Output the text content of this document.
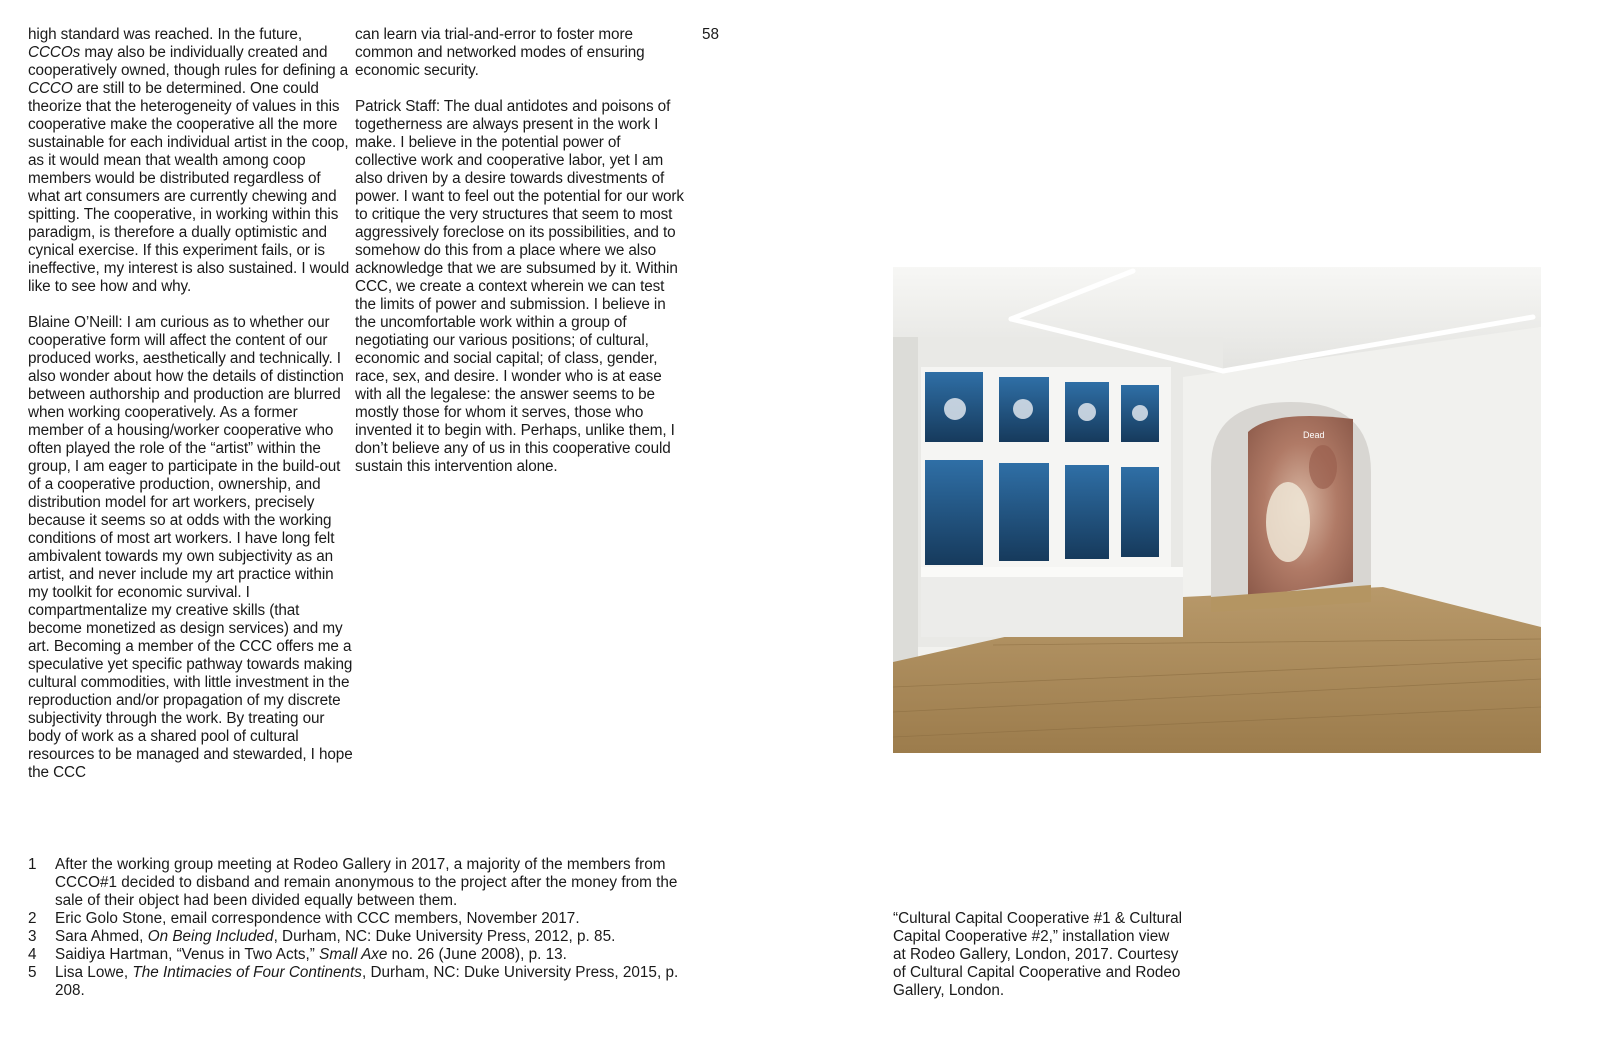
high standard was reached. In the future, CCCOs may also be individually created and cooperatively owned, though rules for defining a CCCO are still to be determined. One could theorize that the heterogeneity of values in this cooperative make the cooperative all the more sustainable for each individual artist in the coop, as it would mean that wealth among coop members would be distributed regardless of what art consumers are currently chewing and spitting. The cooperative, in working within this paradigm, is therefore a dually optimistic and cynical exercise. If this experiment fails, or is ineffective, my interest is also sustained. I would like to see how and why.

Blaine O’Neill: I am curious as to whether our cooperative form will affect the content of our produced works, aesthetically and technically. I also wonder about how the details of distinction between authorship and production are blurred when working cooperatively. As a former member of a housing/worker cooperative who often played the role of the “artist” within the group, I am eager to participate in the build-out of a cooperative production, ownership, and distribution model for art workers, precisely because it seems so at odds with the working conditions of most art workers. I have long felt ambivalent towards my own subjectivity as an artist, and never include my art practice within my toolkit for economic survival. I compartmentalize my creative skills (that become monetized as design services) and my art. Becoming a member of the CCC offers me a speculative yet specific pathway towards making cultural commodities, with little investment in the reproduction and/or propagation of my discrete subjectivity through the work. By treating our body of work as a shared pool of cultural resources to be managed and stewarded, I hope the CCC

can learn via trial-and-error to foster more common and networked modes of ensuring economic security.

Patrick Staff: The dual antidotes and poisons of togetherness are always present in the work I make. I believe in the potential power of collective work and cooperative labor, yet I am also driven by a desire towards divestments of power. I want to feel out the potential for our work to critique the very structures that seem to most aggressively foreclose on its possibilities, and to somehow do this from a place where we also acknowledge that we are subsumed by it. Within CCC, we create a context wherein we can test the limits of power and submission. I believe in the uncomfortable work within a group of negotiating our various positions; of cultural, economic and social capital; of class, gender, race, sex, and desire. I wonder who is at ease with all the legalese: the answer seems to be mostly those for whom it serves, those who invented it to begin with. Perhaps, unlike them, I don’t believe any of us in this cooperative could sustain this intervention alone.

58
1	After the working group meeting at Rodeo Gallery in 2017, a majority of the members from CCCO#1 decided to disband and remain anonymous to the project after the money from the sale of their object had been divided equally between them.
2	Eric Golo Stone, email correspondence with CCC members, November 2017.
3	Sara Ahmed, On Being Included, Durham, NC: Duke University Press, 2012, p. 85.
4	Saidiya Hartman, “Venus in Two Acts,” Small Axe no. 26 (June 2008), p. 13.
5	Lisa Lowe, The Intimacies of Four Continents, Durham, NC: Duke University Press, 2015, p. 208.
Dead
“Cultural Capital Cooperative #1 & Cultural
Capital Cooperative #2,” installation view
at Rodeo Gallery, London, 2017. Courtesy
of Cultural Capital Cooperative and Rodeo
Gallery, London.
